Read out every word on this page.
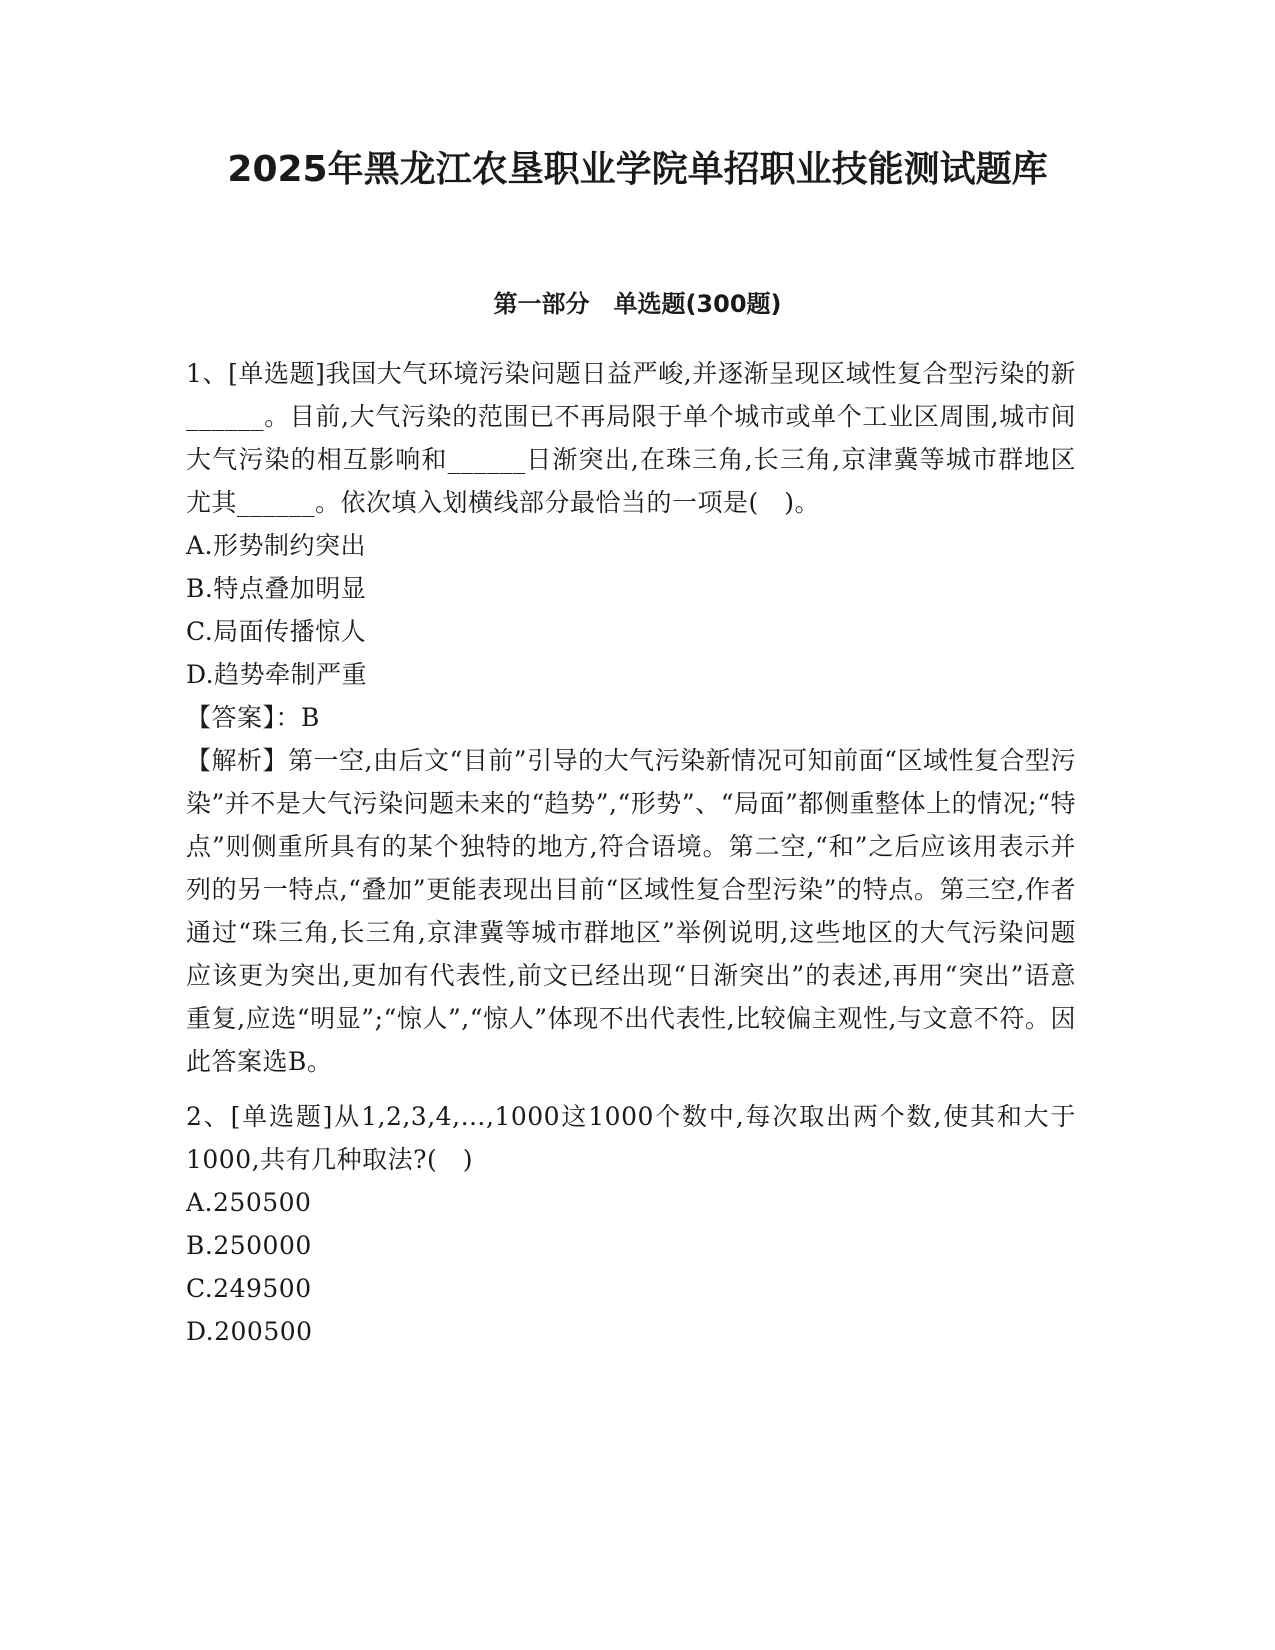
2025年黑龙江农垦职业学院单招职业技能测试题库
第一部分　单选题(300题)

1、[单选题]我国大气环境污染问题日益严峻,并逐渐呈现区域性复合型污染的新______。目前,大气污染的范围已不再局限于单个城市或单个工业区周围,城市间大气污染的相互影响和______日渐突出,在珠三角,长三角,京津冀等城市群地区尤其______。依次填入划横线部分最恰当的一项是(　)。

A.形势制约突出

B.特点叠加明显

C.局面传播惊人

D.趋势牵制严重

【答案】：B

【解析】第一空,由后文“目前”引导的大气污染新情况可知前面“区域性复合型污染”并不是大气污染问题未来的“趋势”,“形势”、“局面”都侧重整体上的情况;“特点”则侧重所具有的某个独特的地方,符合语境。第二空,“和”之后应该用表示并列的另一特点,“叠加”更能表现出目前“区域性复合型污染”的特点。第三空,作者通过“珠三角,长三角,京津冀等城市群地区”举例说明,这些地区的大气污染问题应该更为突出,更加有代表性,前文已经出现“日渐突出”的表述,再用“突出”语意重复,应选“明显”;“惊人”,“惊人”体现不出代表性,比较偏主观性,与文意不符。因此答案选B。

2、[单选题]从1,2,3,4,…,1000这1000个数中,每次取出两个数,使其和大于1000,共有几种取法?(　)

A.250500

B.250000

C.249500

D.200500
